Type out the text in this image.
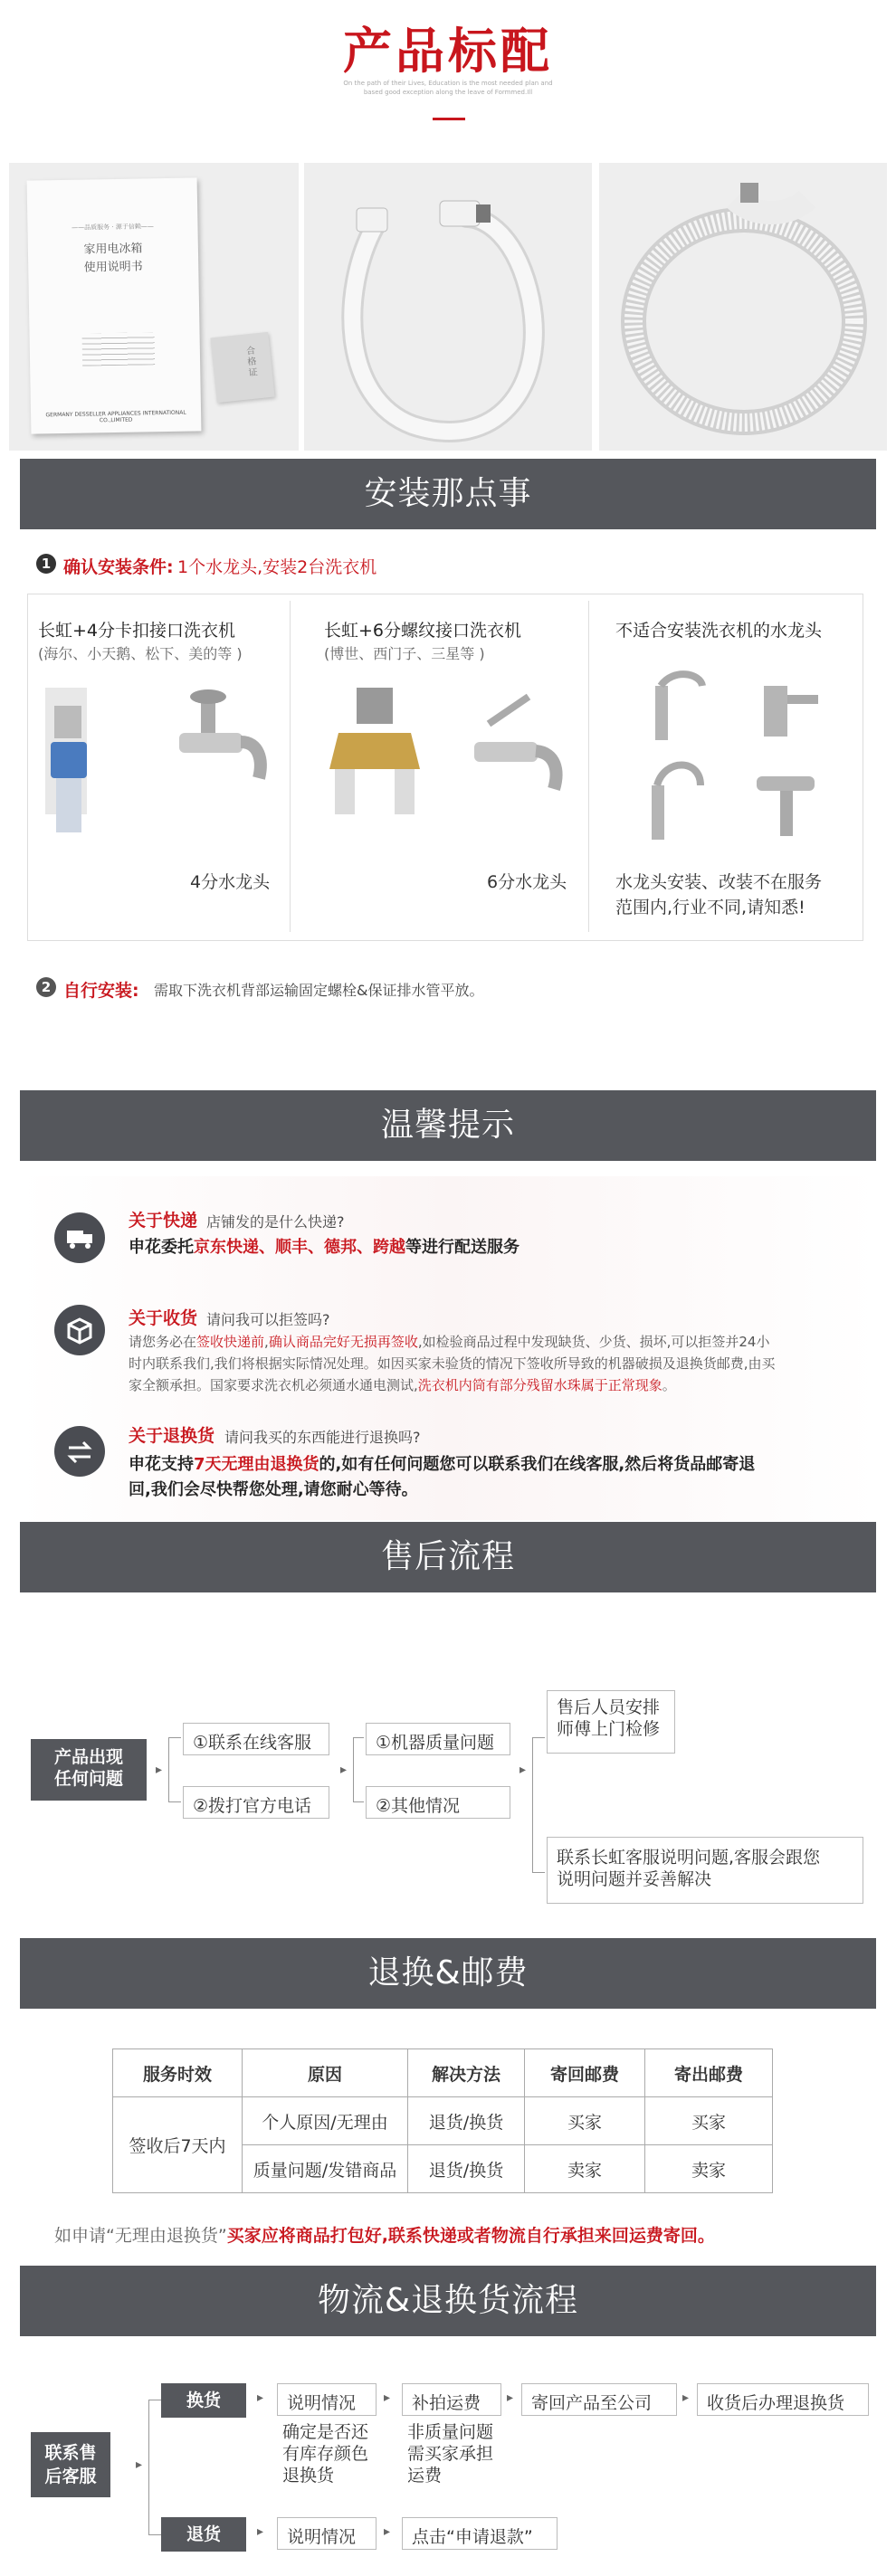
产品标配
On the path of their Lives, Education is the most needed plan and
based good exception along the leave of Formmed.Ill
——品质服务 · 源于信赖——
家用电冰箱
使用说明书
GERMANY DESSELLER APPLIANCES INTERNATIONAL CO.,LIMITED
合格证
安装那点事
1 确认安装条件: 1个水龙头,安装2台洗衣机
长虹+4分卡扣接口洗衣机
(海尔、小天鹅、松下、美的等 )
4分水龙头
长虹+6分螺纹接口洗衣机
(博世、西门子、三星等 )
6分水龙头
不适合安装洗衣机的水龙头
水龙头安装、改装不在服务
范围内,行业不同,请知悉!
2 自行安装: 需取下洗衣机背部运输固定螺栓&保证排水管平放。
温馨提示
关于快递 店铺发的是什么快递?
申花委托京东快递、顺丰、德邦、跨越等进行配送服务
关于收货 请问我可以拒签吗?
请您务必在签收快递前,确认商品完好无损再签收,如检验商品过程中发现缺货、少货、损坏,可以拒签并24小
时内联系我们,我们将根据实际情况处理。如因买家未验货的情况下签收所导致的机器破损及退换货邮费,由买
家全额承担。国家要求洗衣机必须通水通电测试,洗衣机内筒有部分残留水珠属于正常现象。
关于退换货 请问我买的东西能进行退换吗?
申花支持7天无理由退换货的,如有任何问题您可以联系我们在线客服,然后将货品邮寄退
回,我们会尽快帮您处理,请您耐心等待。
售后流程
产品出现
任何问题	▸
①联系在线客服
②拨打官方电话
▸
①机器质量问题
②其他情况
▸
售后人员安排
师傅上门检修
联系长虹客服说明问题,客服会跟您
说明问题并妥善解决
退换&邮费
服务时效	原因	解决方法	寄回邮费	寄出邮费
签收后7天内	个人原因/无理由	退货/换货	买家	买家
	质量问题/发错商品	退货/换货	卖家	卖家
如申请“无理由退换货”买家应将商品打包好,联系快递或者物流自行承担来回运费寄回。
物流&退换货流程
联系售
后客服
▸
换货	▸	说明情况	▸	补拍运费	▸	寄回产品至公司	▸	收货后办理退换货
确定是否还
有库存颜色
退换货
非质量问题
需买家承担
运费
退货	▸	说明情况	▸	点击“申请退款”
